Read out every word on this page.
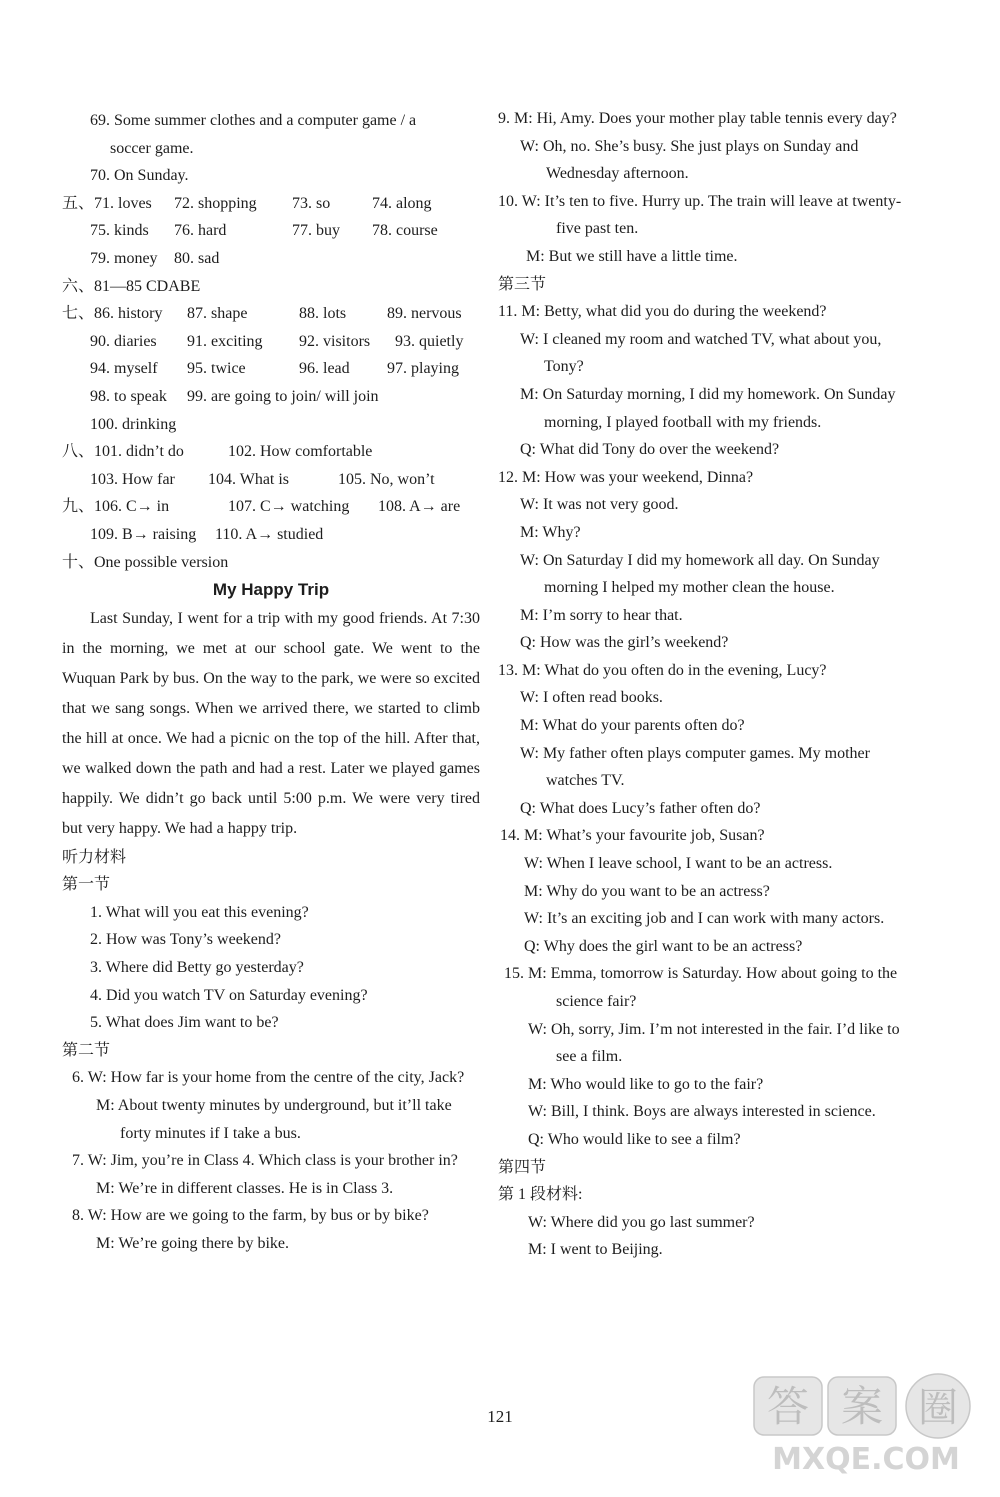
69. Some summer clothes and a computer game / a
soccer game.
70. On Sunday.
五、71. loves 72. shopping 73. so	74. along
75. kinds 76. hard	77. buy 78. course
79. money 80. sad
六、81—85 CDABE
七、86. history 87. shape	88. lots	89. nervous
90. diaries 91. exciting 92. visitors 93. quietly
94. myself 95. twice	96. lead 97. playing
98. to speak 99. are going to join/ will join
100. drinking
八、101. didn’t do	102. How comfortable
103. How far 104. What is	105. No, won’t
九、106. C→ in	107. C→ watching 108. A→ are
109. B→ raising 110. A→ studied
十、One possible version
My Happy Trip

Last Sunday, I went for a trip with my good friends. At 7:30 in the morning, we met at our school gate. We went to the Wuquan Park by bus. On the way to the park, we were so excited that we sang songs. When we arrived there, we started to climb the hill at once. We had a picnic on the top of the hill. After that, we walked down the path and had a rest. Later we played games happily. We didn’t go back until 5:00 p.m. We were very tired but very happy. We had a happy trip.

听力材料
第一节
1. What will you eat this evening?
2. How was Tony’s weekend?
3. Where did Betty go yesterday?
4. Did you watch TV on Saturday evening?
5. What does Jim want to be?
第二节
6. W: How far is your home from the centre of the city, Jack?
M: About twenty minutes by underground, but it’ll take forty minutes if I take a bus.
7. W: Jim, you’re in Class 4. Which class is your brother in?
M: We’re in different classes. He is in Class 3.
8. W: How are we going to the farm, by bus or by bike?
M: We’re going there by bike.
9. M: Hi, Amy. Does your mother play table tennis every day?
W: Oh, no. She’s busy. She just plays on Sunday and Wednesday afternoon.
10. W: It’s ten to five. Hurry up. The train will leave at twenty-five past ten.
M: But we still have a little time.
第三节
11. M: Betty, what did you do during the weekend?
W: I cleaned my room and watched TV, what about you, Tony?
M: On Saturday morning, I did my homework. On Sunday morning, I played football with my friends.
Q: What did Tony do over the weekend?
12. M: How was your weekend, Dinna?
W: It was not very good.
M: Why?
W: On Saturday I did my homework all day. On Sunday morning I helped my mother clean the house.
M: I’m sorry to hear that.
Q: How was the girl’s weekend?
13. M: What do you often do in the evening, Lucy?
W: I often read books.
M: What do your parents often do?
W: My father often plays computer games. My mother watches TV.
Q: What does Lucy’s father often do?
14. M: What’s your favourite job, Susan?
W: When I leave school, I want to be an actress.
M: Why do you want to be an actress?
W: It’s an exciting job and I can work with many actors.
Q: Why does the girl want to be an actress?
15. M: Emma, tomorrow is Saturday. How about going to the science fair?
W: Oh, sorry, Jim. I’m not interested in the fair. I’d like to see a film.
M: Who would like to go to the fair?
W: Bill, I think. Boys are always interested in science.
Q: Who would like to see a film?
第四节
第 1 段材料:
W: Where did you go last summer?
M: I went to Beijing.
121	答 案 圈
MXQE.COM
